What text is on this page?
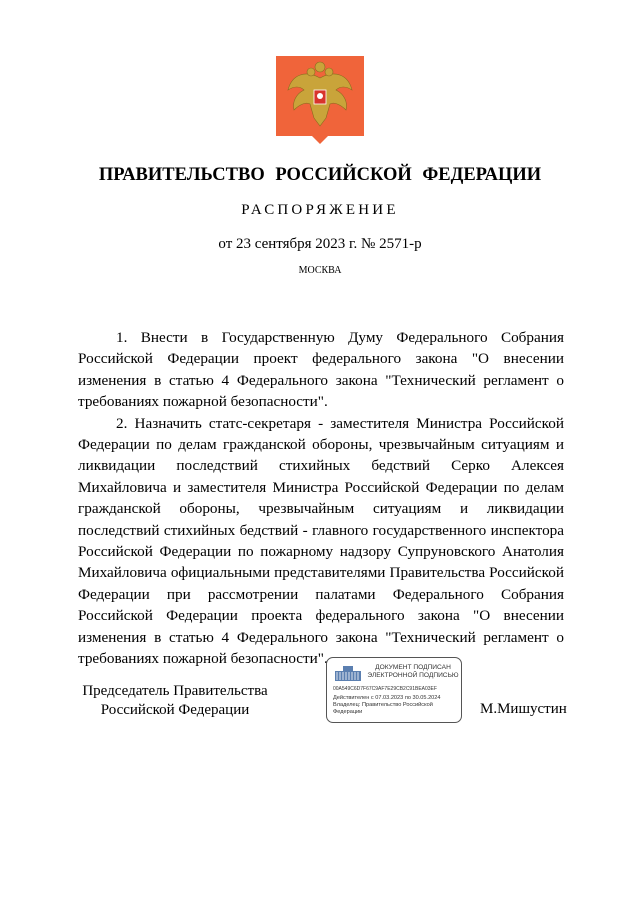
ПРАВИТЕЛЬСТВО РОССИЙСКОЙ ФЕДЕРАЦИИ
РАСПОРЯЖЕНИЕ
от 23 сентября 2023 г. № 2571-р
МОСКВА

1. Внести в Государственную Думу Федерального Собрания Российской Федерации проект федерального закона "О внесении изменения в статью 4 Федерального закона "Технический регламент о требованиях пожарной безопасности".

2. Назначить статс-секретаря - заместителя Министра Российской Федерации по делам гражданской обороны, чрезвычайным ситуациям и ликвидации последствий стихийных бедствий Серко Алексея Михайловича и заместителя Министра Российской Федерации по делам гражданской обороны, чрезвычайным ситуациям и ликвидации последствий стихийных бедствий - главного государственного инспектора Российской Федерации по пожарному надзору Супруновского Анатолия Михайловича официальными представителями Правительства Российской Федерации при рассмотрении палатами Федерального Собрания Российской Федерации проекта федерального закона "О внесении изменения в статью 4 Федерального закона "Технический регламент о требованиях пожарной безопасности".

Председатель Правительства
Российской Федерации
ДОКУМЕНТ ПОДПИСАН
ЭЛЕКТРОННОЙ ПОДПИСЬЮ
00A549C6D7F67C9AF7E29CB2C91BEA03EF
Действителен с 07.03.2023 по 30.05.2024
Владелец: Правительство Российской Федерации	М.Мишустин
